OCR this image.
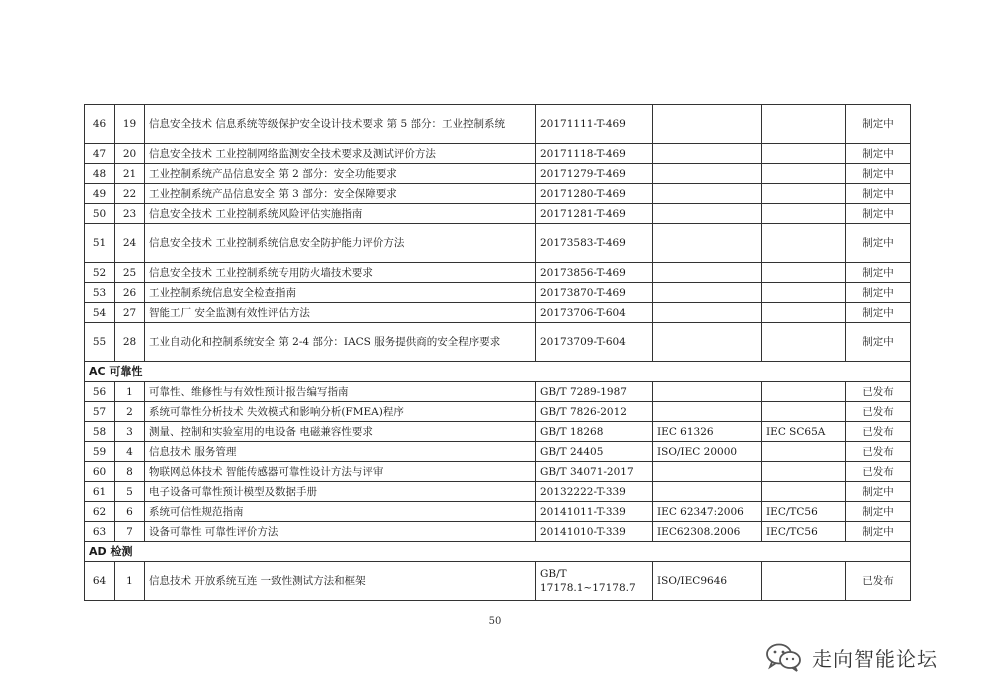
46	19	信息安全技术 信息系统等级保护安全设计技术要求 第 5 部分：工业控制系统	20171111-T-469			制定中
47	20	信息安全技术 工业控制网络监测安全技术要求及测试评价方法	20171118-T-469			制定中
48	21	工业控制系统产品信息安全 第 2 部分：安全功能要求	20171279-T-469			制定中
49	22	工业控制系统产品信息安全 第 3 部分：安全保障要求	20171280-T-469			制定中
50	23	信息安全技术 工业控制系统风险评估实施指南	20171281-T-469			制定中
51	24	信息安全技术 工业控制系统信息安全防护能力评价方法	20173583-T-469			制定中
52	25	信息安全技术 工业控制系统专用防火墙技术要求	20173856-T-469			制定中
53	26	工业控制系统信息安全检查指南	20173870-T-469			制定中
54	27	智能工厂 安全监测有效性评估方法	20173706-T-604			制定中
55	28	工业自动化和控制系统安全 第 2-4 部分：IACS 服务提供商的安全程序要求	20173709-T-604			制定中
AC 可靠性						
56	1	可靠性、维修性与有效性预计报告编写指南	GB/T 7289-1987			已发布
57	2	系统可靠性分析技术 失效模式和影响分析(FMEA)程序	GB/T 7826-2012			已发布
58	3	测量、控制和实验室用的电设备 电磁兼容性要求	GB/T 18268	IEC 61326	IEC SC65A	已发布
59	4	信息技术 服务管理	GB/T 24405	ISO/IEC 20000		已发布
60	8	物联网总体技术 智能传感器可靠性设计方法与评审	GB/T 34071-2017			已发布
61	5	电子设备可靠性预计模型及数据手册	20132222-T-339			制定中
62	6	系统可信性规范指南	20141011-T-339	IEC 62347:2006	IEC/TC56	制定中
63	7	设备可靠性 可靠性评价方法	20141010-T-339	IEC62308.2006	IEC/TC56	制定中
AD 检测						
64	1	信息技术 开放系统互连 一致性测试方法和框架	GB/T 17178.1~17178.7	ISO/IEC9646		已发布
50
走向智能论坛
